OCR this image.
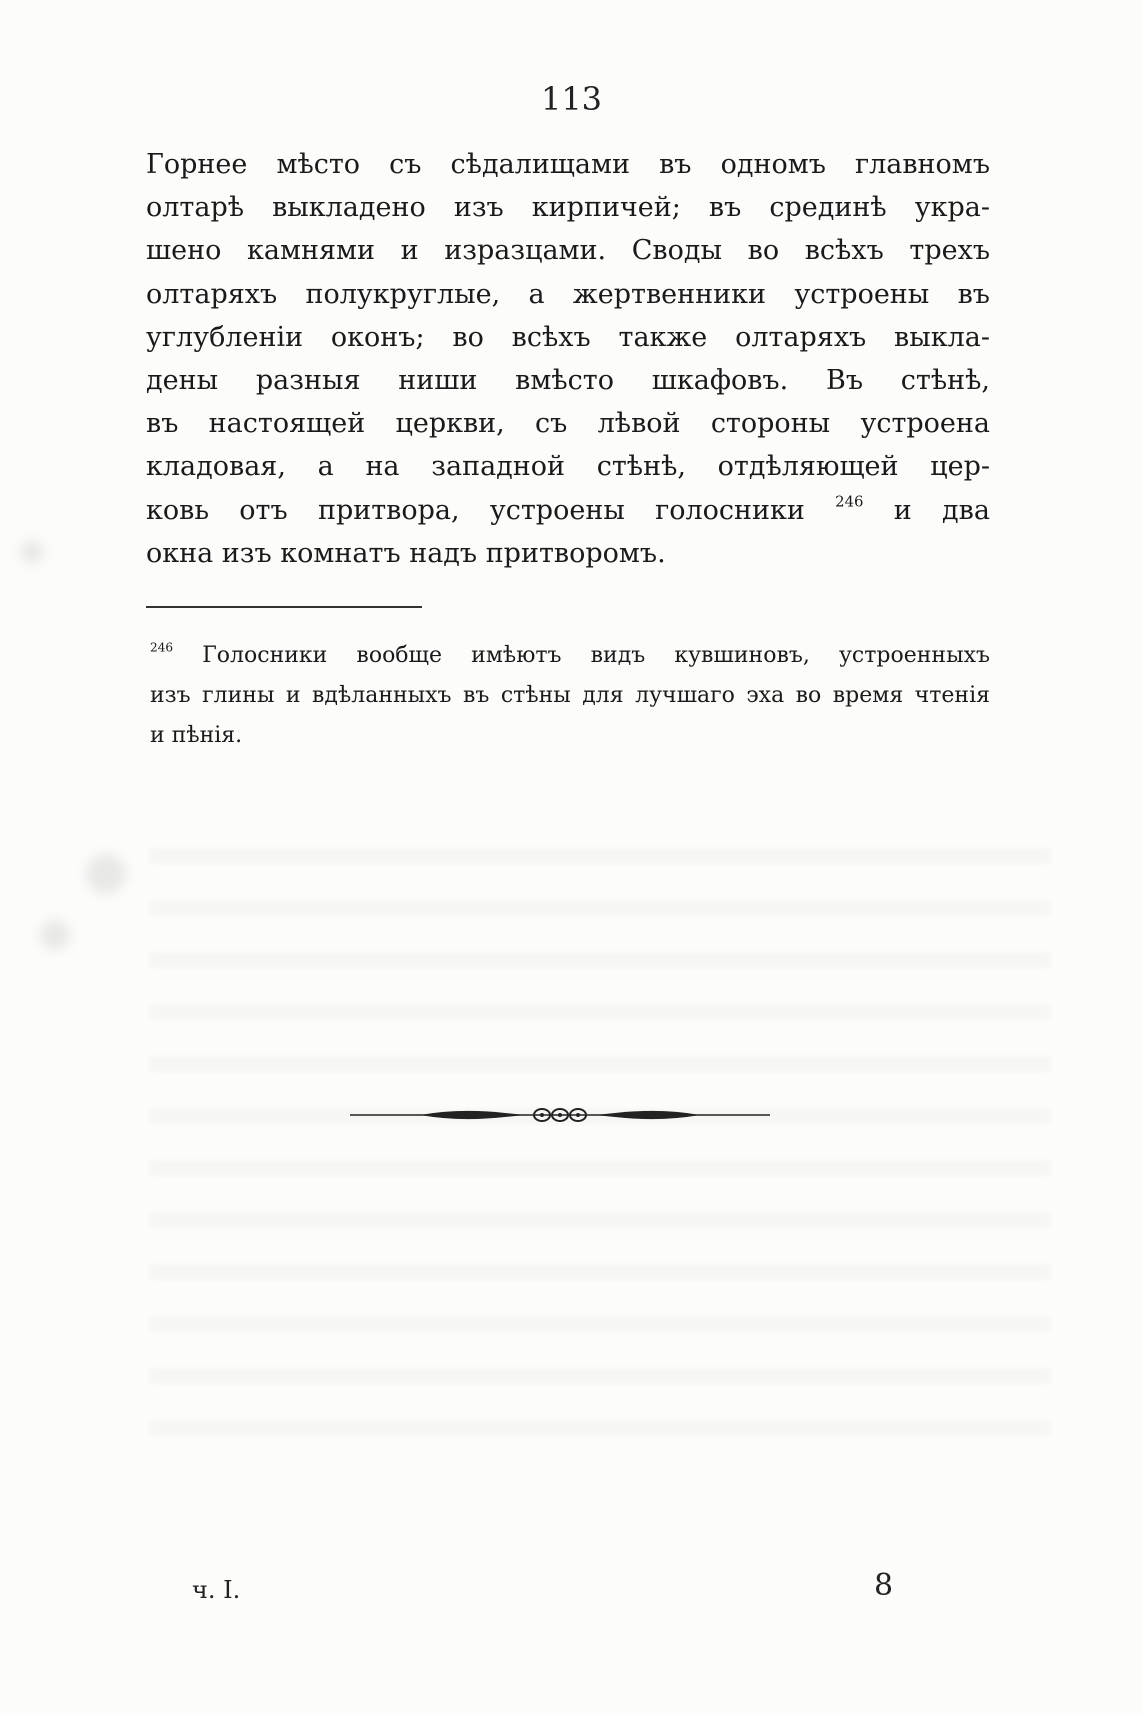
113
Горнее мѣсто съ сѣдалищами въ одномъ главномъ
олтарѣ выкладено изъ кирпичей; въ срединѣ укра-
шено камнями и изразцами. Своды во всѣхъ трехъ
олтаряхъ полукруглые, а жертвенники устроены въ
углубленіи оконъ; во всѣхъ также олтаряхъ выкла-
дены разныя ниши вмѣсто шкафовъ. Въ стѣнѣ,
въ настоящей церкви, съ лѣвой стороны устроена
кладовая, а на западной стѣнѣ, отдѣляющей цер-
ковь отъ притвора, устроены голосники $^{246}$ и два
окна изъ комнатъ надъ притворомъ.
$^{246}$ Голосники вообще имѣютъ видъ кувшиновъ, устроенныхъ
изъ глины и вдѣланныхъ въ стѣны для лучшаго эха во время чтенія
и пѣнія.
ч. I.	8
